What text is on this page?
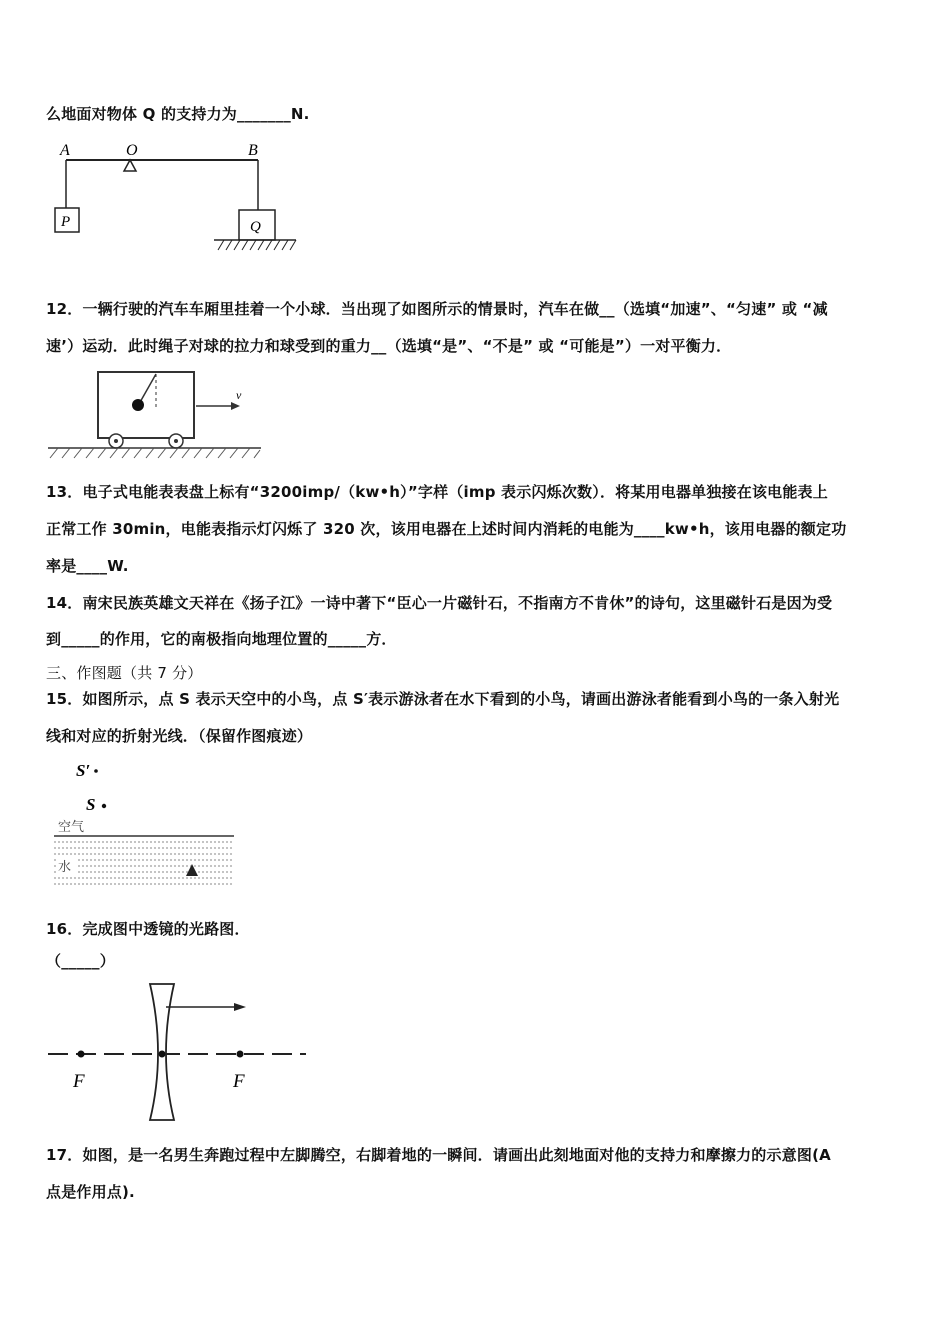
么地面对物体 Q 的支持力为_______N.
A	O	B
P	Q
12．一辆行驶的汽车车厢里挂着一个小球．当出现了如图所示的情景时，汽车在做__（选填“加速”、“匀速” 或 “减
速’）运动．此时绳子对球的拉力和球受到的重力__（选填“是”、“不是” 或 “可能是”）一对平衡力．
v
13．电子式电能表表盘上标有“3200imp/（kw•h）”字样（imp 表示闪烁次数）．将某用电器单独接在该电能表上
正常工作 30min，电能表指示灯闪烁了 320 次，该用电器在上述时间内消耗的电能为____kw•h，该用电器的额定功
率是____W.
14．南宋民族英雄文天祥在《扬子江》一诗中著下“臣心一片磁针石，不指南方不肯休”的诗句，这里磁针石是因为受
到_____的作用，它的南极指向地理位置的_____方．
三、作图题（共 7 分）
15．如图所示，点 S 表示天空中的小鸟，点 S′表示游泳者在水下看到的小鸟，请画出游泳者能看到小鸟的一条入射光
线和对应的折射光线．（保留作图痕迹）
S′
S
空气
水
16．完成图中透镜的光路图．
（_____）
F	F
17．如图，是一名男生奔跑过程中左脚腾空，右脚着地的一瞬间．请画出此刻地面对他的支持力和摩擦力的示意图(A
点是作用点).
